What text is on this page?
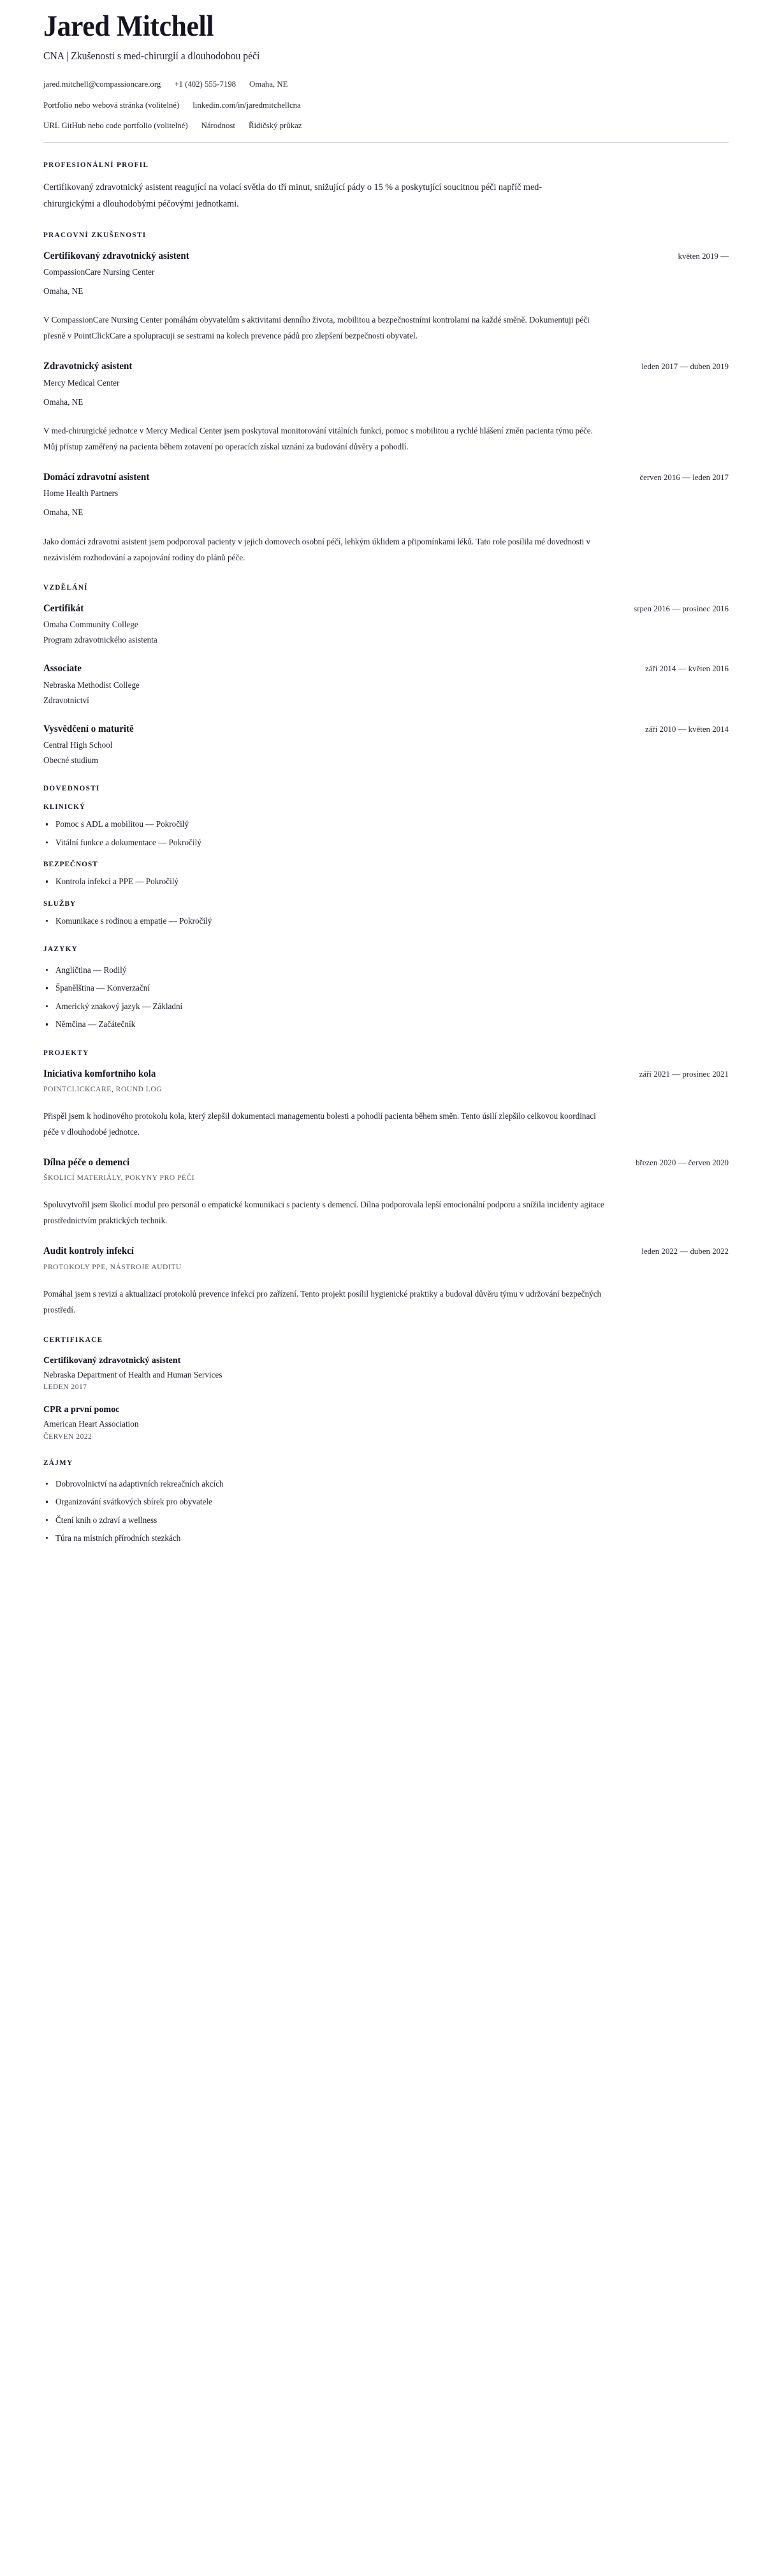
Jared Mitchell
CNA | Zkušenosti s med-chirurgií a dlouhodobou péčí
jared.mitchell@compassioncare.org +1 (402) 555-7198 Omaha, NE
Portfolio nebo webová stránka (volitelné) linkedin.com/in/jaredmitchellcna
URL GitHub nebo code portfolio (volitelné) Národnost Řidičský průkaz
PROFESIONÁLNÍ PROFIL
Certifikovaný zdravotnický asistent reagující na volací světla do tří minut, snižující pády o 15 % a poskytující soucitnou péči napříč med-chirurgickými a dlouhodobými péčovými jednotkami.
PRACOVNÍ ZKUŠENOSTI
Certifikovaný zdravotnický asistent	květen 2019 —
CompassionCare Nursing Center
Omaha, NE
V CompassionCare Nursing Center pomáhám obyvatelům s aktivitami denního života, mobilitou a bezpečnostními kontrolami na každé směně. Dokumentuji péči přesně v PointClickCare a spolupracuji se sestrami na kolech prevence pádů pro zlepšení bezpečnosti obyvatel.
Zdravotnický asistent	leden 2017 — duben 2019
Mercy Medical Center
Omaha, NE
V med-chirurgické jednotce v Mercy Medical Center jsem poskytoval monitorování vitálních funkcí, pomoc s mobilitou a rychlé hlášení změn pacienta týmu péče. Můj přístup zaměřený na pacienta během zotavení po operacích získal uznání za budování důvěry a pohodlí.
Domácí zdravotní asistent	červen 2016 — leden 2017
Home Health Partners
Omaha, NE
Jako domácí zdravotní asistent jsem podporoval pacienty v jejich domovech osobní péčí, lehkým úklidem a připomínkami léků. Tato role posílila mé dovednosti v nezávislém rozhodování a zapojování rodiny do plánů péče.
VZDĚLÁNÍ
Certifikát	srpen 2016 — prosinec 2016
Omaha Community College
Program zdravotnického asistenta
Associate	září 2014 — květen 2016
Nebraska Methodist College
Zdravotnictví
Vysvědčení o maturitě	září 2010 — květen 2014
Central High School
Obecné studium
DOVEDNOSTI
KLINICKÝ
Pomoc s ADL a mobilitou — Pokročilý
Vitální funkce a dokumentace — Pokročilý
BEZPEČNOST
Kontrola infekcí a PPE — Pokročilý
SLUŽBY
Komunikace s rodinou a empatie — Pokročilý
JAZYKY
Angličtina — Rodilý
Španělština — Konverzační
Americký znakový jazyk — Základní
Němčina — Začátečník
PROJEKTY
Iniciativa komfortního kola	září 2021 — prosinec 2021
POINTCLICKCARE, ROUND LOG
Přispěl jsem k hodinového protokolu kola, který zlepšil dokumentaci managementu bolesti a pohodlí pacienta během směn. Tento úsilí zlepšilo celkovou koordinaci péče v dlouhodobé jednotce.
Dílna péče o demenci	březen 2020 — červen 2020
ŠKOLICÍ MATERIÁLY, POKYNY PRO PÉČI
Spoluvytvořil jsem školicí modul pro personál o empatické komunikaci s pacienty s demencí. Dílna podporovala lepší emocionální podporu a snížila incidenty agitace prostřednictvím praktických technik.
Audit kontroly infekcí	leden 2022 — duben 2022
PROTOKOLY PPE, NÁSTROJE AUDITU
Pomáhal jsem s revizí a aktualizací protokolů prevence infekcí pro zařízení. Tento projekt posílil hygienické praktiky a budoval důvěru týmu v udržování bezpečných prostředí.
CERTIFIKACE
Certifikovaný zdravotnický asistent
Nebraska Department of Health and Human Services
LEDEN 2017
CPR a první pomoc
American Heart Association
ČERVEN 2022
ZÁJMY
Dobrovolnictví na adaptivních rekreačních akcích
Organizování svátkových sbírek pro obyvatele
Čtení knih o zdraví a wellness
Túra na místních přírodních stezkách
